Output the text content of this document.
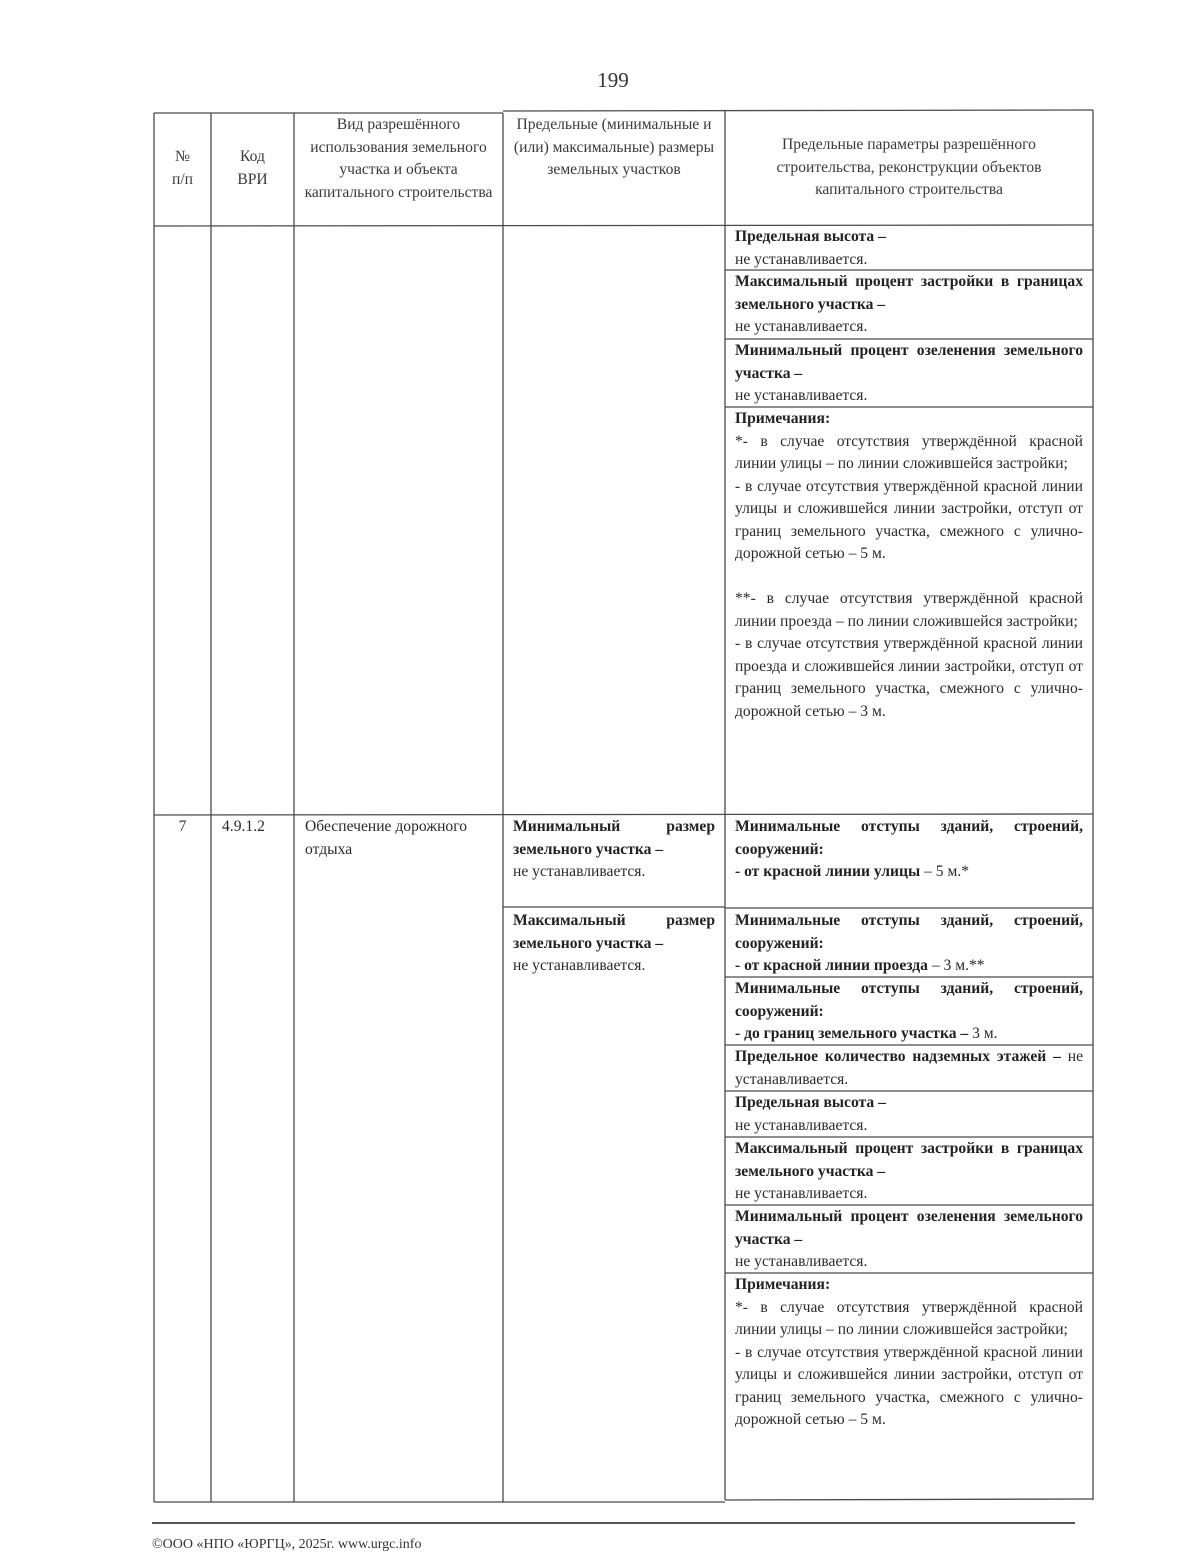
199
№
п/п
Код
ВРИ
Вид разрешённого использования земельного участка и объекта капитального строительства
Предельные (минимальные и (или) максимальные) размеры земельных участков
Предельные параметры разрешённого строительства, реконструкции объектов капитального строительства
Предельная высота –
не устанавливается.
Максимальный процент застройки в границах земельного участка –
не устанавливается.
Минимальный процент озеленения земельного участка –
не устанавливается.
Примечания:
*- в случае отсутствия утверждённой красной линии улицы – по линии сложившейся застройки;
- в случае отсутствия утверждённой красной линии улицы и сложившейся линии застройки, отступ от границ земельного участка, смежного с улично-дорожной сетью – 5 м.
**- в случае отсутствия утверждённой красной линии проезда – по линии сложившейся застройки;
- в случае отсутствия утверждённой красной линии проезда и сложившейся линии застройки, отступ от границ земельного участка, смежного с улично-дорожной сетью – 3 м.
7	4.9.1.2	Обеспечение дорожного отдыха
Минимальный размер земельного участка –
не устанавливается.
Максимальный размер земельного участка –
не устанавливается.
Минимальные отступы зданий, строений, сооружений:
- от красной линии улицы – 5 м.*
Минимальные отступы зданий, строений, сооружений:
- от красной линии проезда – 3 м.**
Минимальные отступы зданий, строений, сооружений:
- до границ земельного участка – 3 м.
Предельное количество надземных этажей – не устанавливается.
Предельная высота –
не устанавливается.
Максимальный процент застройки в границах земельного участка –
не устанавливается.
Минимальный процент озеленения земельного участка –
не устанавливается.
Примечания:
*- в случае отсутствия утверждённой красной линии улицы – по линии сложившейся застройки;
- в случае отсутствия утверждённой красной линии улицы и сложившейся линии застройки, отступ от границ земельного участка, смежного с улично-дорожной сетью – 5 м.
©ООО «НПО «ЮРГЦ», 2025г. www.urgc.info
